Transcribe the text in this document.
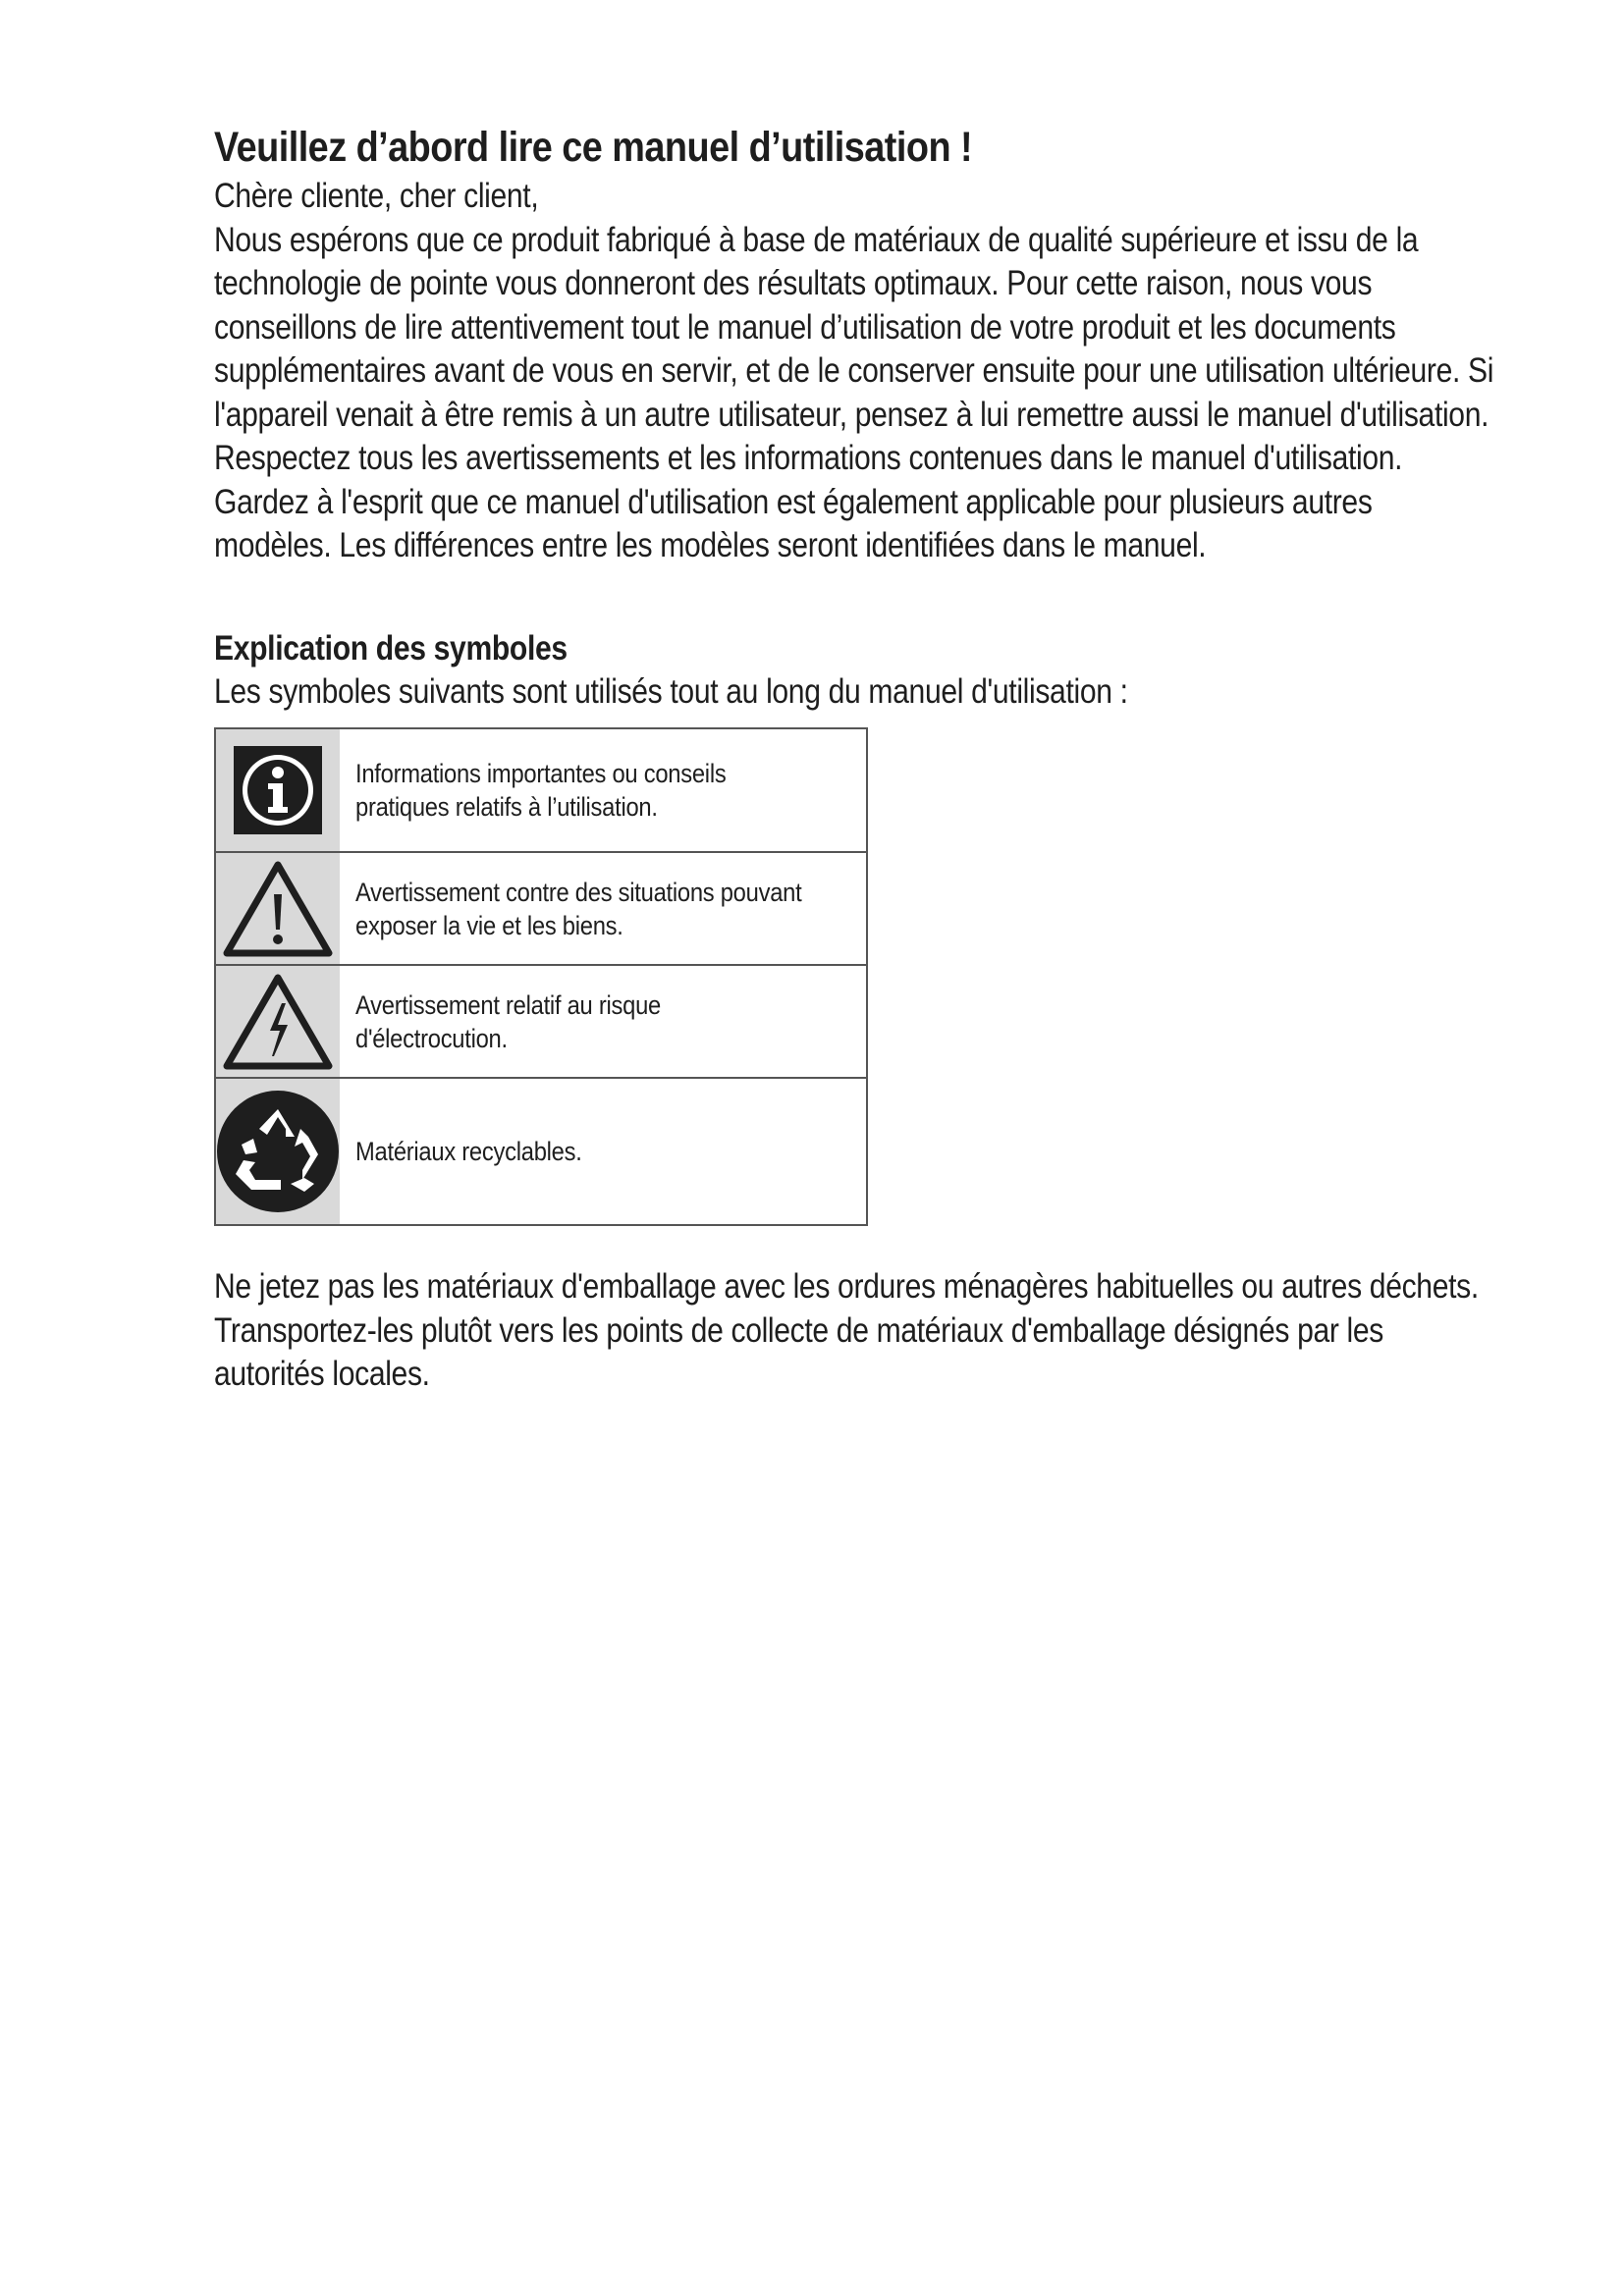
Veuillez d’abord lire ce manuel d’utilisation !

Chère cliente, cher client,

Nous espérons que ce produit fabriqué à base de matériaux de qualité supérieure et issu de la technologie de pointe vous donneront des résultats optimaux. Pour cette raison, nous vous conseillons de lire attentivement tout le manuel d’utilisation de votre produit et les documents supplémentaires avant de vous en servir, et de le conserver ensuite pour une utilisation ultérieure. Si l'appareil venait à être remis à un autre utilisateur, pensez à lui remettre aussi le manuel d'utilisation. Respectez tous les avertissements et les informations contenues dans le manuel d'utilisation. Gardez à l'esprit que ce manuel d'utilisation est également applicable pour plusieurs autres modèles. Les différences entre les modèles seront identifiées dans le manuel.

Explication des symboles

Les symboles suivants sont utilisés tout au long du manuel d'utilisation :

	Informations importantes ou conseils pratiques relatifs à l’utilisation.

	Avertissement contre des situations pouvant exposer la vie et les biens.

	Avertissement relatif au risque d'électrocution.

	Matériaux recyclables.

Ne jetez pas les matériaux d'emballage avec les ordures ménagères habituelles ou autres déchets. Transportez-les plutôt vers les points de collecte de matériaux d'emballage désignés par les autorités locales.
